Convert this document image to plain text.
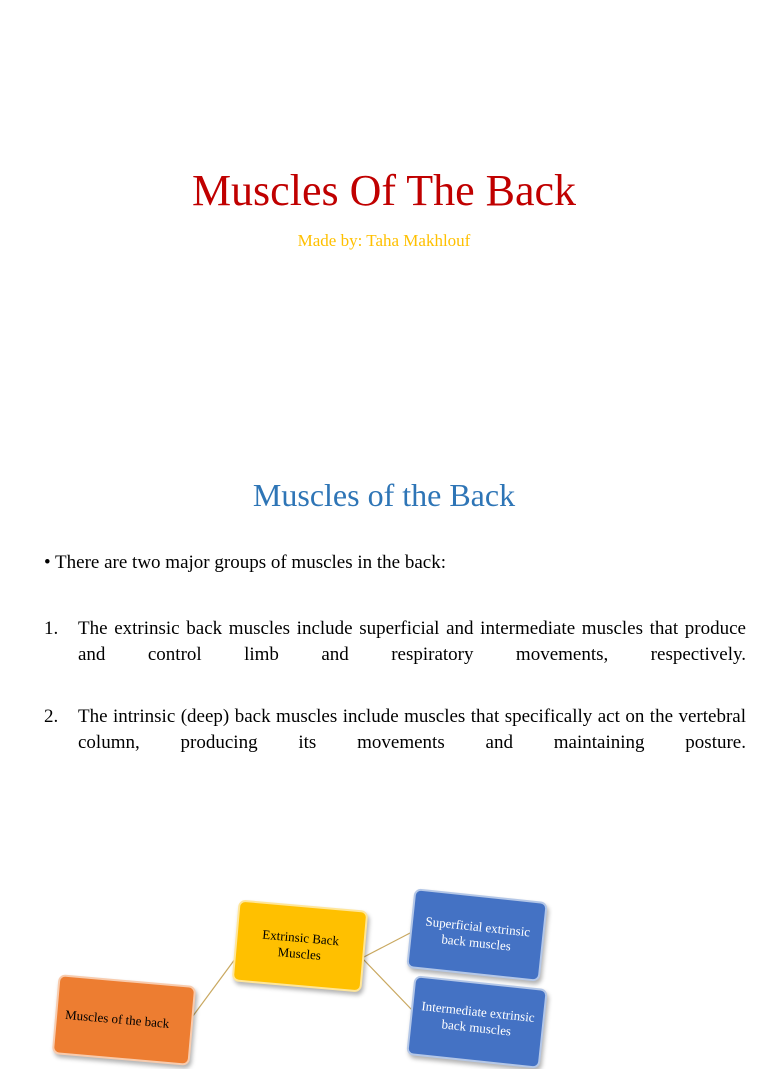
Muscles Of The Back
Made by: Taha Makhlouf
Muscles of the Back
• There are two major groups of muscles in the back:
1.	The extrinsic back muscles include superficial and intermediate muscles that produce and control limb and respiratory movements, respectively.
2.	The intrinsic (deep) back muscles include muscles that specifically act on the vertebral column, producing its movements and maintaining posture.
Extrinsic Back Muscles
Superficial extrinsic back muscles
Intermediate extrinsic back muscles
Muscles of the back
